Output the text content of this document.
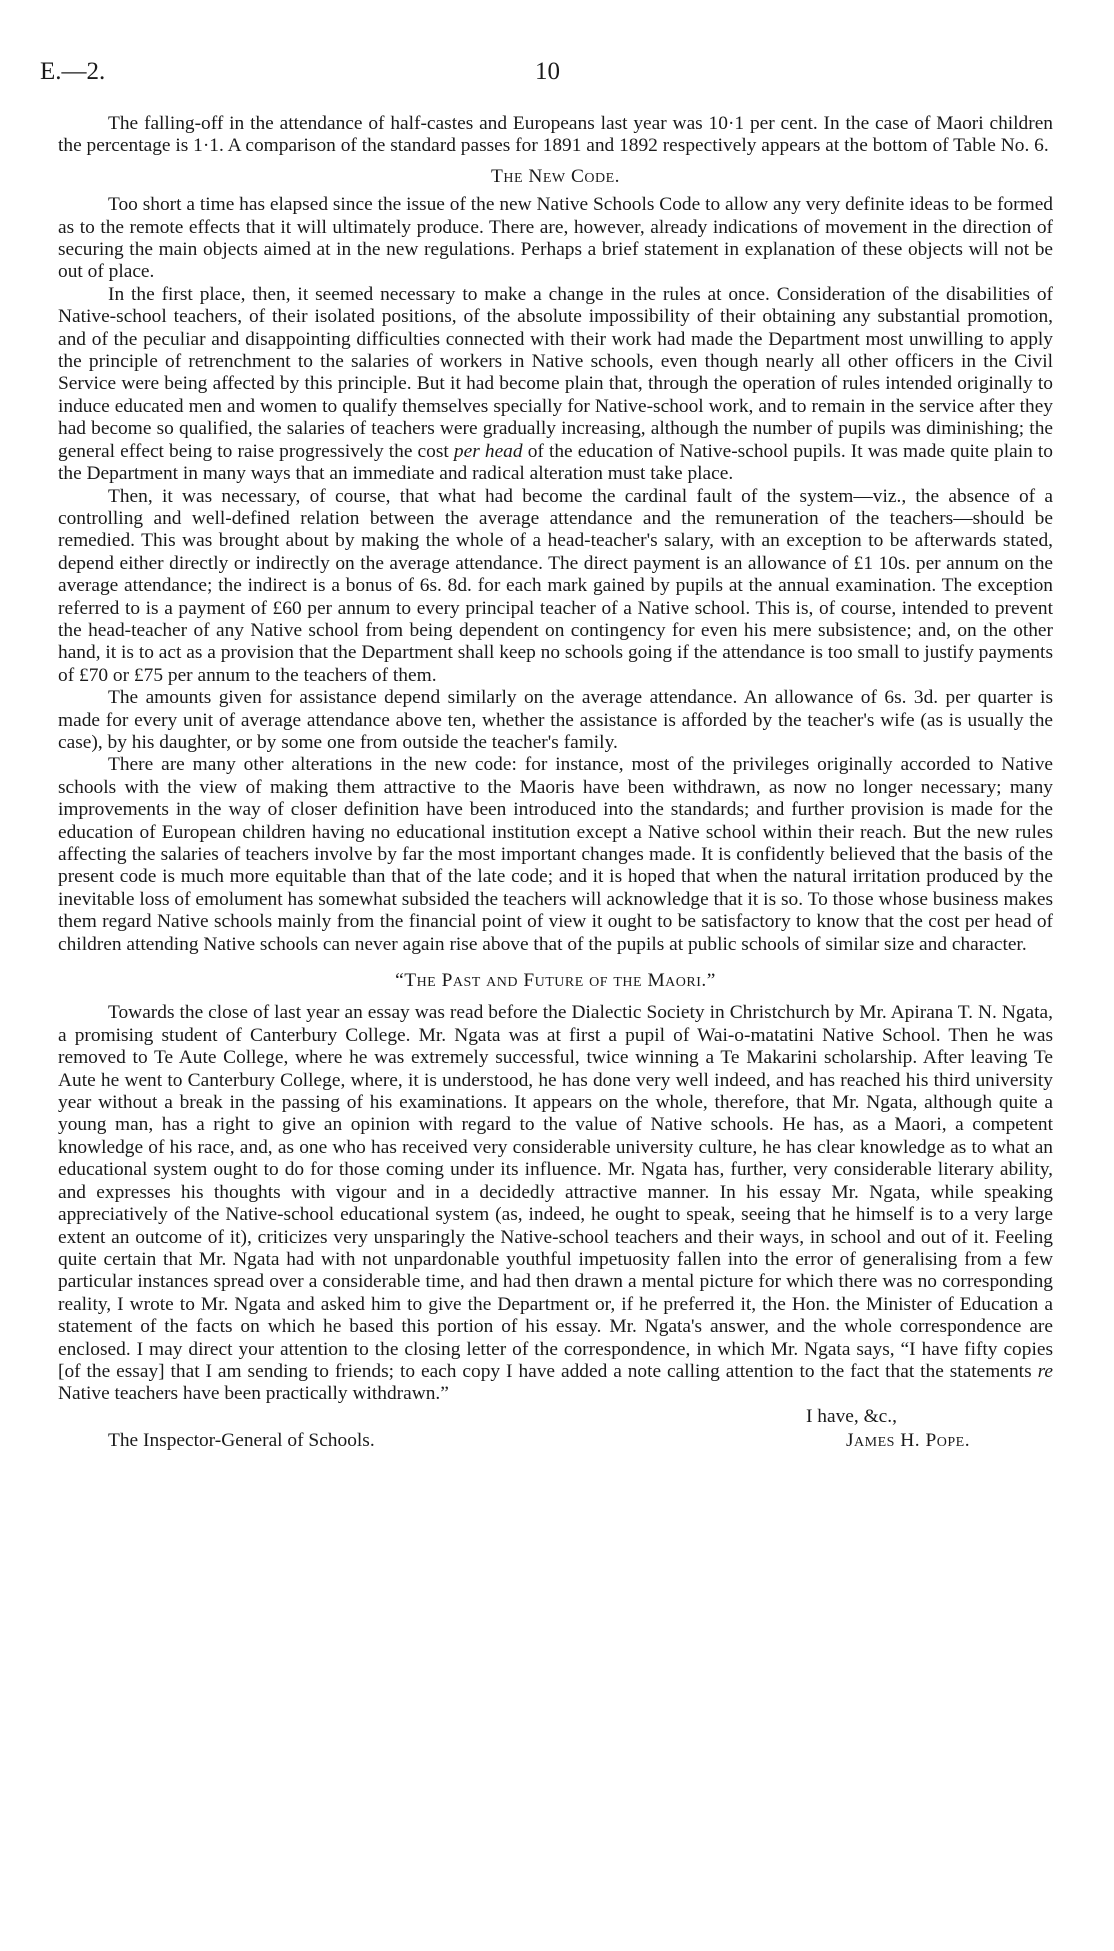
E.—2.	10

The falling-off in the attendance of half-castes and Europeans last year was 10·1 per cent. In the case of Maori children the percentage is 1·1. A comparison of the standard passes for 1891 and 1892 respectively appears at the bottom of Table No. 6.

The New Code.

Too short a time has elapsed since the issue of the new Native Schools Code to allow any very definite ideas to be formed as to the remote effects that it will ultimately produce. There are, however, already indications of movement in the direction of securing the main objects aimed at in the new regulations. Perhaps a brief statement in explanation of these objects will not be out of place.

In the first place, then, it seemed necessary to make a change in the rules at once. Consideration of the disabilities of Native-school teachers, of their isolated positions, of the absolute impossibility of their obtaining any substantial promotion, and of the peculiar and disappointing difficulties connected with their work had made the Department most unwilling to apply the principle of retrenchment to the salaries of workers in Native schools, even though nearly all other officers in the Civil Service were being affected by this principle. But it had become plain that, through the operation of rules intended originally to induce educated men and women to qualify themselves specially for Native-school work, and to remain in the service after they had become so qualified, the salaries of teachers were gradually increasing, although the number of pupils was diminishing; the general effect being to raise progressively the cost per head of the education of Native-school pupils. It was made quite plain to the Department in many ways that an immediate and radical alteration must take place.

Then, it was necessary, of course, that what had become the cardinal fault of the system—viz., the absence of a controlling and well-defined relation between the average attendance and the remuneration of the teachers—should be remedied. This was brought about by making the whole of a head-teacher's salary, with an exception to be afterwards stated, depend either directly or indirectly on the average attendance. The direct payment is an allowance of £1 10s. per annum on the average attendance; the indirect is a bonus of 6s. 8d. for each mark gained by pupils at the annual examination. The exception referred to is a payment of £60 per annum to every principal teacher of a Native school. This is, of course, intended to prevent the head-teacher of any Native school from being dependent on contingency for even his mere subsistence; and, on the other hand, it is to act as a provision that the Department shall keep no schools going if the attendance is too small to justify payments of £70 or £75 per annum to the teachers of them.

The amounts given for assistance depend similarly on the average attendance. An allowance of 6s. 3d. per quarter is made for every unit of average attendance above ten, whether the assistance is afforded by the teacher's wife (as is usually the case), by his daughter, or by some one from outside the teacher's family.

There are many other alterations in the new code: for instance, most of the privileges originally accorded to Native schools with the view of making them attractive to the Maoris have been withdrawn, as now no longer necessary; many improvements in the way of closer definition have been introduced into the standards; and further provision is made for the education of European children having no educational institution except a Native school within their reach. But the new rules affecting the salaries of teachers involve by far the most important changes made. It is confidently believed that the basis of the present code is much more equitable than that of the late code; and it is hoped that when the natural irritation produced by the inevitable loss of emolument has somewhat subsided the teachers will acknowledge that it is so. To those whose business makes them regard Native schools mainly from the financial point of view it ought to be satisfactory to know that the cost per head of children attending Native schools can never again rise above that of the pupils at public schools of similar size and character.

“The Past and Future of the Maori.”

Towards the close of last year an essay was read before the Dialectic Society in Christchurch by Mr. Apirana T. N. Ngata, a promising student of Canterbury College. Mr. Ngata was at first a pupil of Wai-o-matatini Native School. Then he was removed to Te Aute College, where he was extremely successful, twice winning a Te Makarini scholarship. After leaving Te Aute he went to Canterbury College, where, it is understood, he has done very well indeed, and has reached his third university year without a break in the passing of his examinations. It appears on the whole, therefore, that Mr. Ngata, although quite a young man, has a right to give an opinion with regard to the value of Native schools. He has, as a Maori, a competent knowledge of his race, and, as one who has received very considerable university culture, he has clear knowledge as to what an educational system ought to do for those coming under its influence. Mr. Ngata has, further, very considerable literary ability, and expresses his thoughts with vigour and in a decidedly attractive manner. In his essay Mr. Ngata, while speaking appreciatively of the Native-school educational system (as, indeed, he ought to speak, seeing that he himself is to a very large extent an outcome of it), criticizes very unsparingly the Native-school teachers and their ways, in school and out of it. Feeling quite certain that Mr. Ngata had with not unpardonable youthful impetuosity fallen into the error of generalising from a few particular instances spread over a considerable time, and had then drawn a mental picture for which there was no corresponding reality, I wrote to Mr. Ngata and asked him to give the Department or, if he preferred it, the Hon. the Minister of Education a statement of the facts on which he based this portion of his essay. Mr. Ngata's answer, and the whole correspondence are enclosed. I may direct your attention to the closing letter of the correspondence, in which Mr. Ngata says, “I have fifty copies [of the essay] that I am sending to friends; to each copy I have added a note calling attention to the fact that the statements re Native teachers have been practically withdrawn.”

I have, &c.,
The Inspector-General of Schools.	James H. Pope.
